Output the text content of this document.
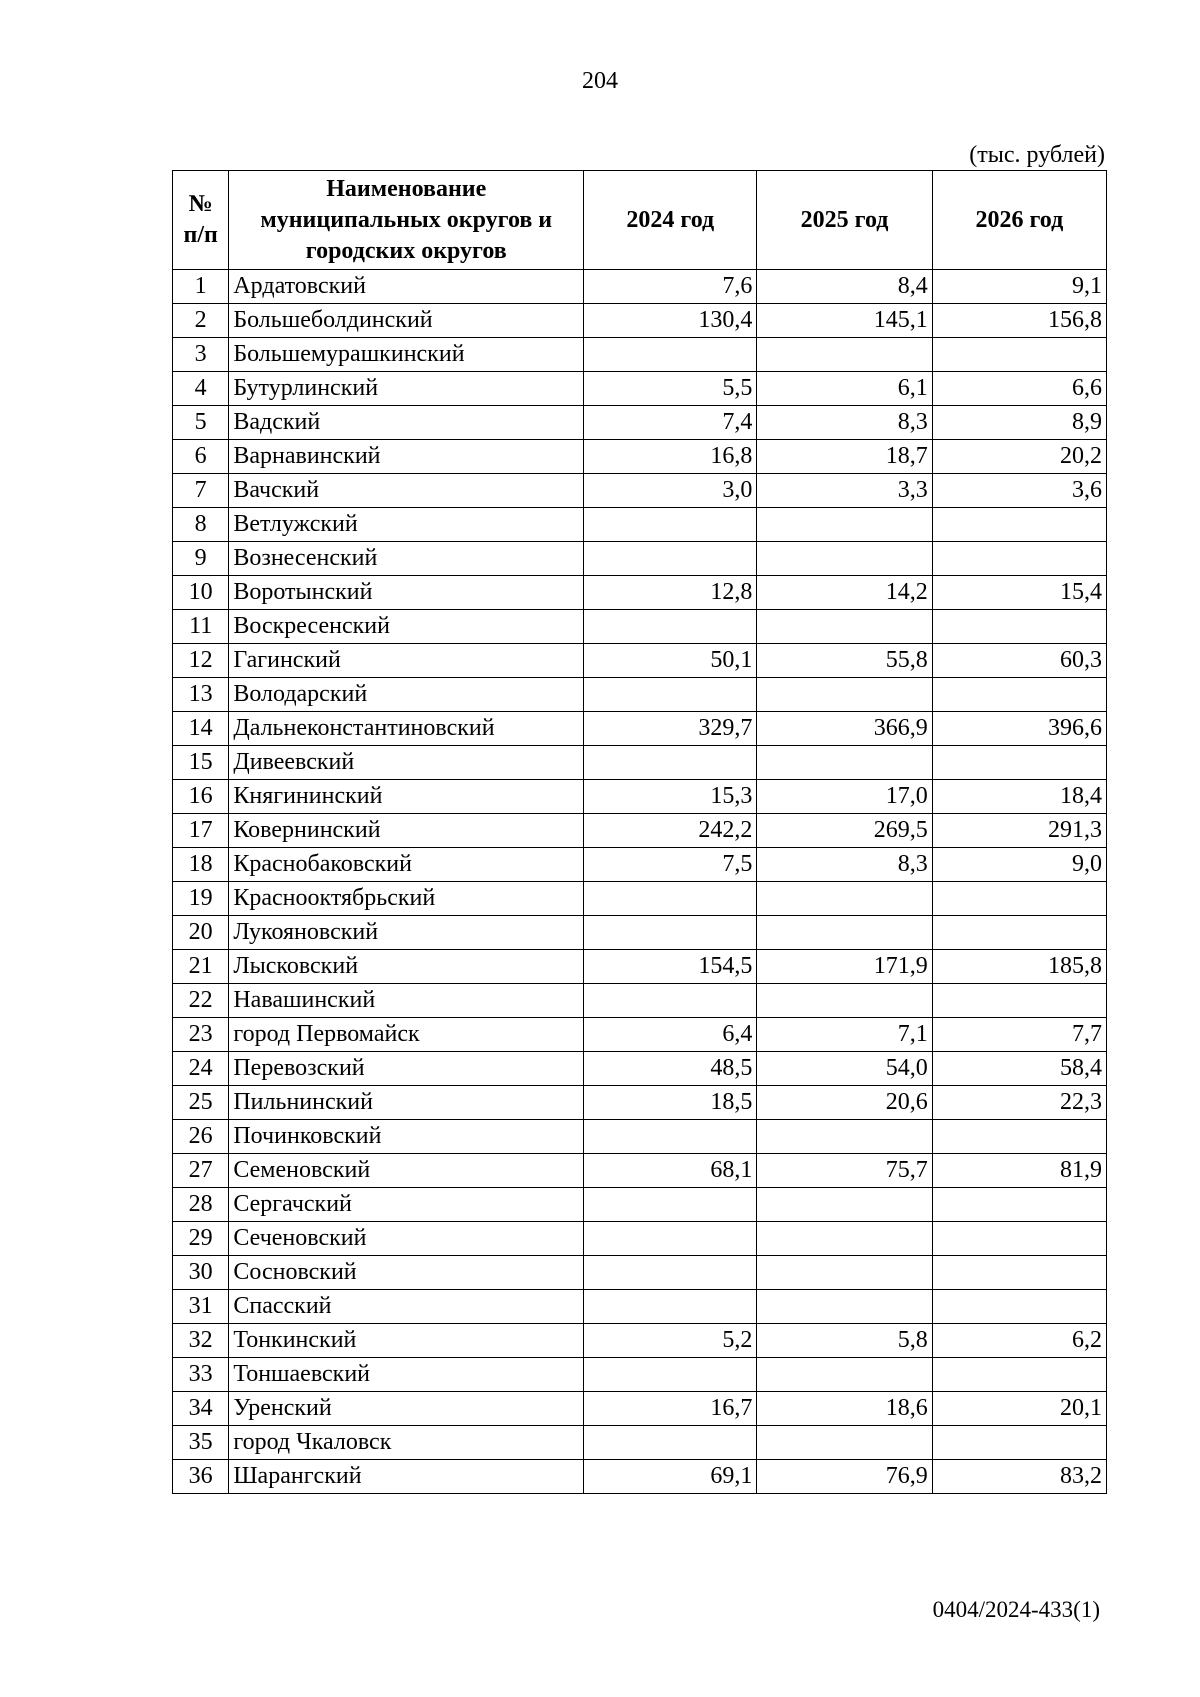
204
(тыс. рублей)
№ п/п	Наименование муниципальных округов и городских округов	2024 год	2025 год	2026 год
1	Ардатовский	7,6	8,4	9,1
2	Большеболдинский	130,4	145,1	156,8
3	Большемурашкинский			
4	Бутурлинский	5,5	6,1	6,6
5	Вадский	7,4	8,3	8,9
6	Варнавинский	16,8	18,7	20,2
7	Вачский	3,0	3,3	3,6
8	Ветлужский			
9	Вознесенский			
10	Воротынский	12,8	14,2	15,4
11	Воскресенский			
12	Гагинский	50,1	55,8	60,3
13	Володарский			
14	Дальнеконстантиновский	329,7	366,9	396,6
15	Дивеевский			
16	Княгининский	15,3	17,0	18,4
17	Ковернинский	242,2	269,5	291,3
18	Краснобаковский	7,5	8,3	9,0
19	Краснооктябрьский			
20	Лукояновский			
21	Лысковский	154,5	171,9	185,8
22	Навашинский			
23	город Первомайск	6,4	7,1	7,7
24	Перевозский	48,5	54,0	58,4
25	Пильнинский	18,5	20,6	22,3
26	Починковский			
27	Семеновский	68,1	75,7	81,9
28	Сергачский			
29	Сеченовский			
30	Сосновский			
31	Спасский			
32	Тонкинский	5,2	5,8	6,2
33	Тоншаевский			
34	Уренский	16,7	18,6	20,1
35	город Чкаловск			
36	Шарангский	69,1	76,9	83,2
0404/2024-433(1)
